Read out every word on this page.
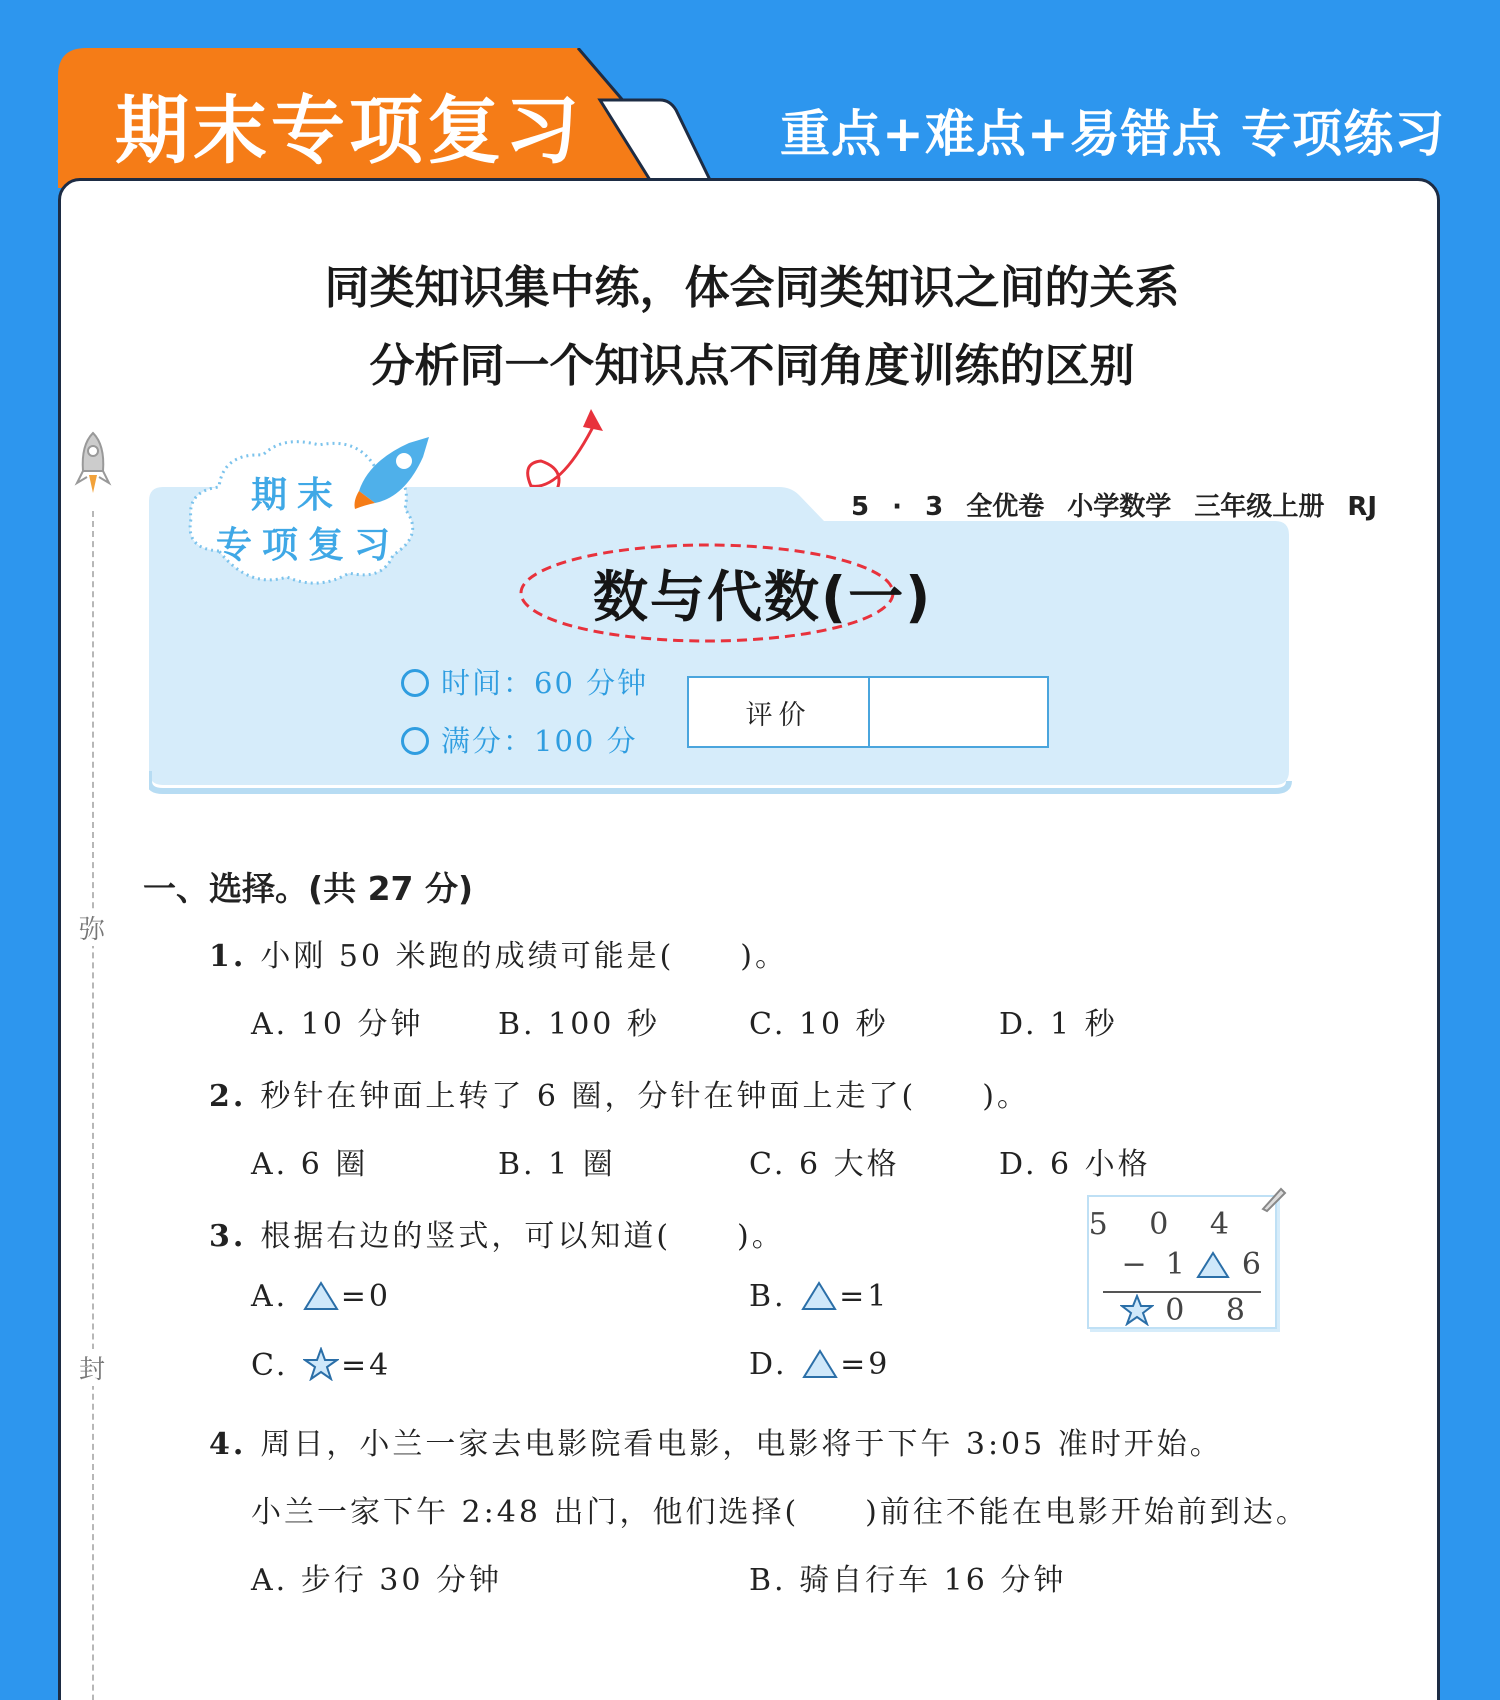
期末专项复习	重点+难点+易错点 专项练习
同类知识集中练，体会同类知识之间的关系
分析同一个知识点不同角度训练的区别
弥
封
期末
专项复习
5 · 3 全优卷 小学数学 三年级上册 RJ
数与代数(一)
时间：60 分钟
满分：100 分
评价
一、选择。(共 27 分)
1. 小刚 50 米跑的成绩可能是(　　)。
A. 10 分钟 B. 100 秒	C. 10 秒	D. 1 秒
2. 秒针在钟面上转了 6 圈，分针在钟面上走了(　　)。
A. 6 圈	B. 1 圈	C. 6 大格	D. 6 小格
3. 根据右边的竖式，可以知道(　　)。
A. =0	B. =1
C. =4	D. =9
5 0 4
− 1 6
0 8
4. 周日，小兰一家去电影院看电影，电影将于下午 3:05 准时开始。
小兰一家下午 2:48 出门，他们选择(　　)前往不能在电影开始前到达。
A. 步行 30 分钟	B. 骑自行车 16 分钟
